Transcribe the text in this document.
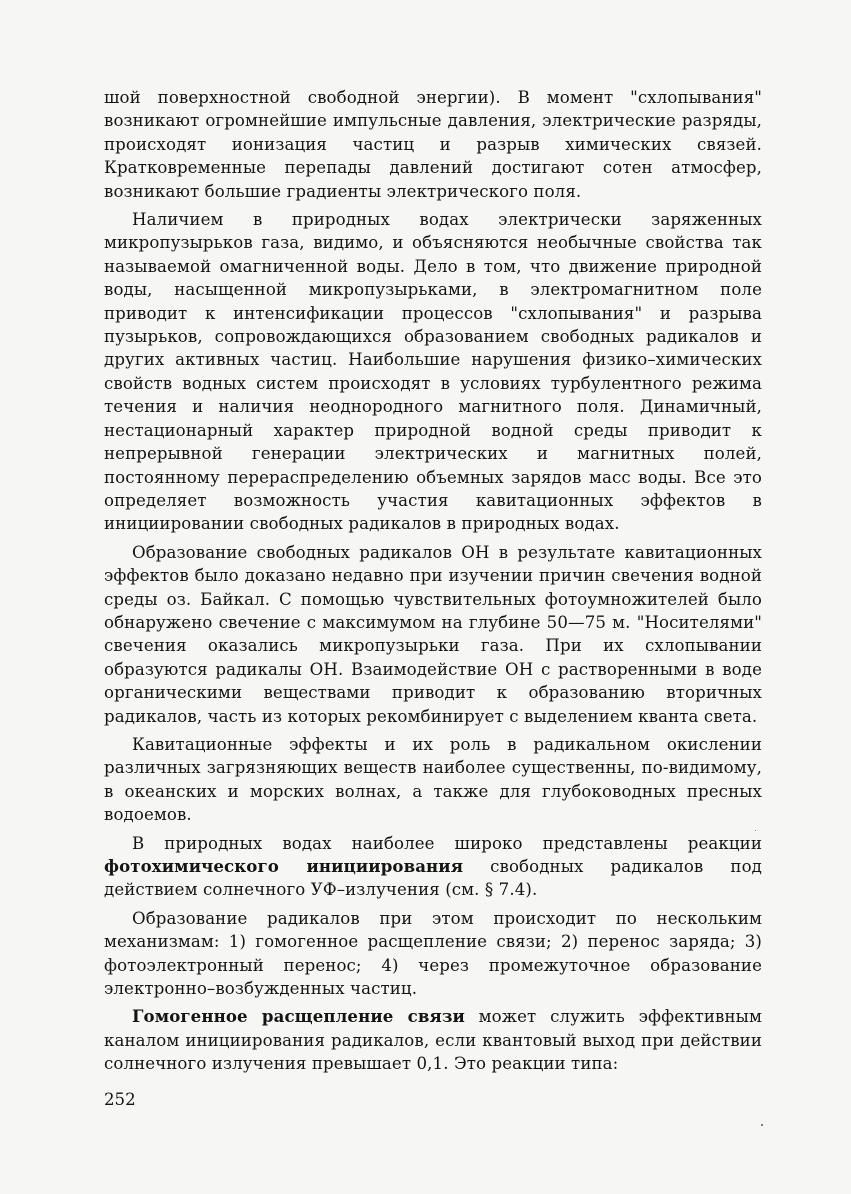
шой поверхностной свободной энергии). В момент "схлопывания" возникают огромнейшие импульсные давления, электрические разряды, происходят ионизация частиц и разрыв химических связей. Кратковременные перепады давлений достигают сотен атмосфер, возникают большие градиенты электрического поля.

Наличием в природных водах электрически заряженных микропузырьков газа, видимо, и объясняются необычные свойства так называемой омагниченной воды. Дело в том, что движение природной воды, насыщенной микропузырьками, в электромагнитном поле приводит к интенсификации процессов "схлопывания" и разрыва пузырьков, сопровождающихся образованием свободных радикалов и других активных частиц. Наибольшие нарушения физико–химических свойств водных систем происходят в условиях турбулентного режима течения и наличия неоднородного магнитного поля. Динамичный, нестационарный характер природной водной среды приводит к непрерывной генерации электрических и магнитных полей, постоянному перераспределению объемных зарядов масс воды. Все это определяет возможность участия кавитационных эффектов в инициировании свободных радикалов в природных водах.

Образование свободных радикалов ОН в результате кавитационных эффектов было доказано недавно при изучении причин свечения водной среды оз. Байкал. С помощью чувствительных фотоумножителей было обнаружено свечение с максимумом на глубине 50—75 м. "Носителями" свечения оказались микропузырьки газа. При их схлопывании образуются радикалы ОН. Взаимодействие ОН с растворенными в воде органическими веществами приводит к образованию вторичных радикалов, часть из которых рекомбинирует с выделением кванта света.

Кавитационные эффекты и их роль в радикальном окислении различных загрязняющих веществ наиболее существенны, по-видимому, в океанских и морских волнах, а также для глубоководных пресных водоемов.

В природных водах наиболее широко представлены реакции фотохимического инициирования свободных радикалов под действием солнечного УФ–излучения (см. § 7.4).

Образование радикалов при этом происходит по нескольким механизмам: 1) гомогенное расщепление связи; 2) перенос заряда; 3) фотоэлектронный перенос; 4) через промежуточное образование электронно–возбужденных частиц.

Гомогенное расщепление связи может служить эффективным каналом инициирования радикалов, если квантовый выход при действии солнечного излучения превышает 0,1. Это реакции типа:

252
